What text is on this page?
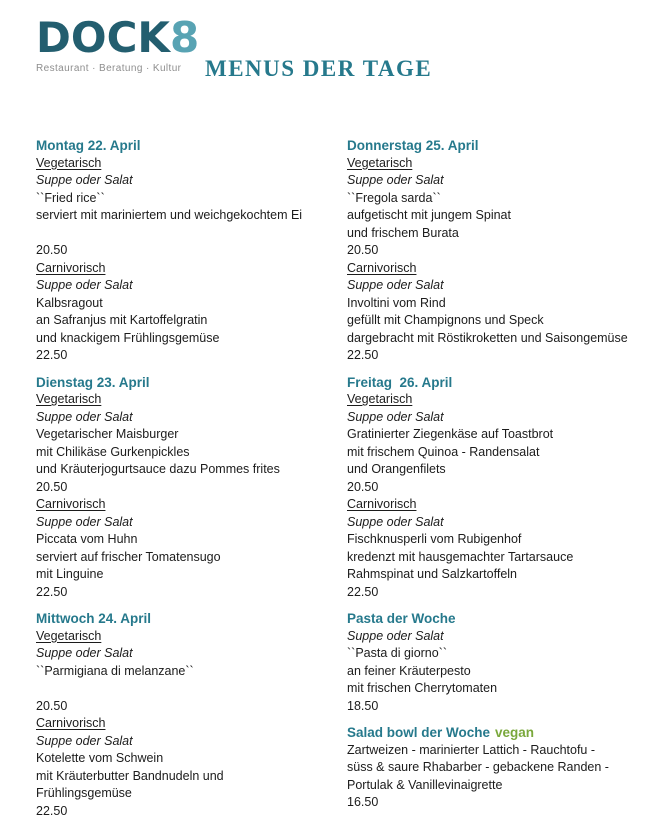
DOCK8
Restaurant · Beratung · Kultur	MENUS DER TAGE
Montag 22. April
Vegetarisch
Suppe oder Salat
``Fried rice``
serviert mit mariniertem und weichgekochtem Ei
20.50
Carnivorisch
Suppe oder Salat
Kalbsragout
an Safranjus mit Kartoffelgratin
und knackigem Frühlingsgemüse
22.50
Dienstag 23. April
Vegetarisch
Suppe oder Salat
Vegetarischer Maisburger
mit Chilikäse Gurkenpickles
und Kräuterjogurtsauce dazu Pommes frites
20.50
Carnivorisch
Suppe oder Salat
Piccata vom Huhn
serviert auf frischer Tomatensugo
mit Linguine
22.50
Mittwoch 24. April
Vegetarisch
Suppe oder Salat
``Parmigiana di melanzane``
20.50
Carnivorisch
Suppe oder Salat
Kotelette vom Schwein
mit Kräuterbutter Bandnudeln und
Frühlingsgemüse
22.50
Donnerstag 25. April
Vegetarisch
Suppe oder Salat
``Fregola sarda``
aufgetischt mit jungem Spinat
und frischem Burata
20.50
Carnivorisch
Suppe oder Salat
Involtini vom Rind
gefüllt mit Champignons und Speck
dargebracht mit Röstikroketten und Saisongemüse
22.50
Freitag  26. April
Vegetarisch
Suppe oder Salat
Gratinierter Ziegenkäse auf Toastbrot
mit frischem Quinoa - Randensalat
und Orangenfilets
20.50
Carnivorisch
Suppe oder Salat
Fischknusperli vom Rubigenhof
kredenzt mit hausgemachter Tartarsauce
Rahmspinat und Salzkartoffeln
22.50
Pasta der Woche
Suppe oder Salat
``Pasta di giorno``
an feiner Kräuterpesto
mit frischen Cherrytomaten
18.50
Salad bowl der Woche vegan
Zartweizen - marinierter Lattich - Rauchtofu -
süss & saure Rhabarber - gebackene Randen -
Portulak & Vanillevinaigrette
16.50
